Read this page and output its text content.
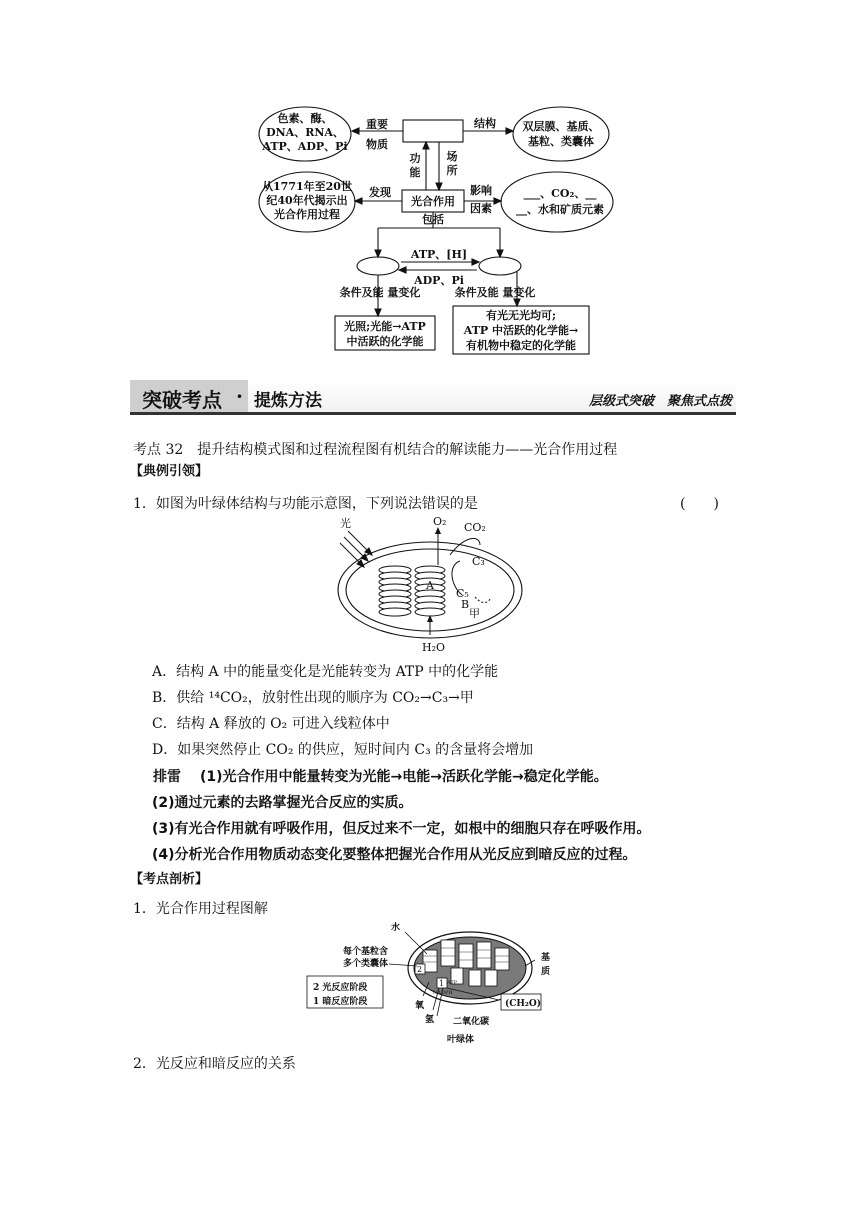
色素、酶、
DNA、RNA、
ATP、ADP、Pi
重要
物质
结构 双层膜、基质、
基粒、类囊体
功
能
场
所
从1771年至20世
纪40年代揭示出
光合作用过程
发现
光合作用
影响
因素
___、CO₂、__
__、水和矿质元素
包括
ATP、[H]
ADP、Pi
条件及能 量变化	条件及能 量变化
光照;光能→ATP
中活跃的化学能
有光无光均可;
ATP 中活跃的化学能→
有机物中稳定的化学能
突破考点 · 提炼方法	层级式突破　聚焦式点拨
考点 32　提升结构模式图和过程流程图有机结合的解读能力——光合作用过程
【典例引领】
1．如图为叶绿体结构与功能示意图，下列说法错误的是	(　　)
光	O₂ CO₂
C₃
C₅
A
B
甲
H₂O
A．结构 A 中的能量变化是光能转变为 ATP 中的化学能
B．供给 ¹⁴CO₂，放射性出现的顺序为 CO₂→C₃→甲
C．结构 A 释放的 O₂ 可进入线粒体中
D．如果突然停止 CO₂ 的供应，短时间内 C₃ 的含量将会增加
排雷 (1)光合作用中能量转变为光能→电能→活跃化学能→稳定化学能。
(2)通过元素的去路掌握光合反应的实质。
(3)有光合作用就有呼吸作用，但反过来不一定，如根中的细胞只存在呼吸作用。
(4)分析光合作用物质动态变化要整体把握光合作用从光反应到暗反应的过程。
【考点剖析】
1．光合作用过程图解
2
1
水
每个基粒含
多个类囊体
基
质
2 光反应阶段
1 暗反应阶段	氧
氢 二氧化碳
(CH₂O)
叶绿体
ATP
NADPH
2．光反应和暗反应的关系
